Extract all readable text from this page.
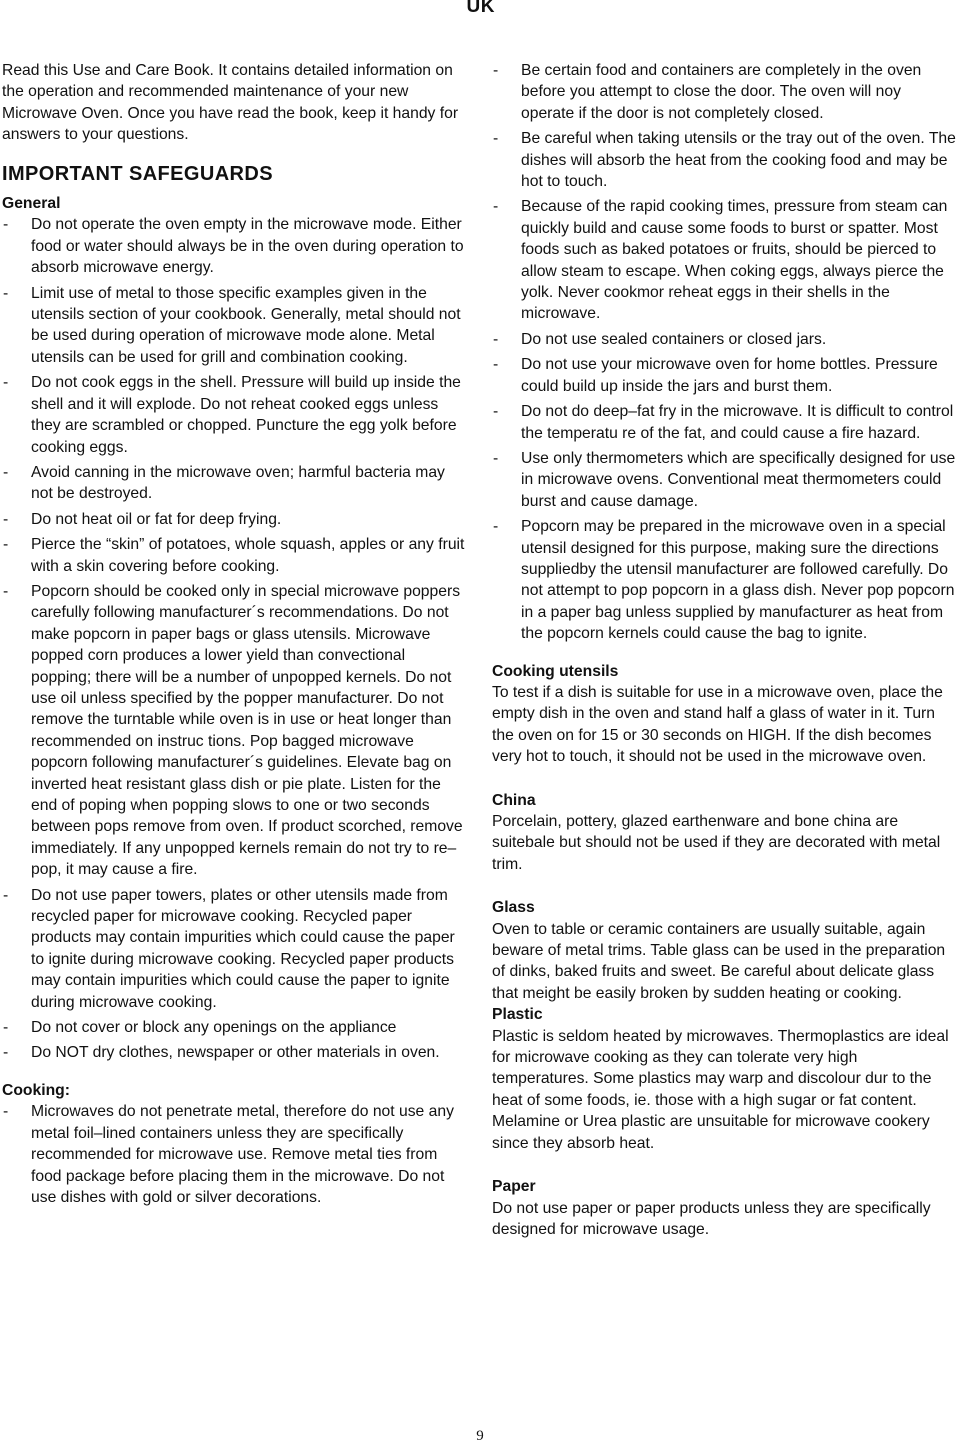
UK

Read this Use and Care Book. It contains detailed information on the operation and recommended maintenance of your new Microwave Oven. Once you have read the book, keep it handy for answers to your questions.

IMPORTANT SAFEGUARDS

General

- Do not operate the oven empty in the microwave mode. Either food or water should always be in the oven during operation to absorb microwave energy.
- Limit use of metal to those specific examples given in the utensils section of your cookbook. Generally, metal should not be used during operation of microwave mode alone. Metal utensils can be used for grill and combination cooking.
- Do not cook eggs in the shell. Pressure will build up inside the shell and it will explode. Do not reheat cooked eggs unless they are scrambled or chopped. Puncture the egg yolk before cooking eggs.
- Avoid canning in the microwave oven; harmful bacteria may not be destroyed.
- Do not heat oil or fat for deep frying.
- Pierce the “skin” of potatoes, whole squash, apples or any fruit with a skin covering before cooking.
- Popcorn should be cooked only in special microwave poppers carefully following manufacturer´s recommendations. Do not make popcorn in paper bags or glass utensils. Microwave popped corn produces a lower yield than convectional popping; there will be a number of unpopped kernels. Do not use oil unless specified by the popper manufacturer. Do not remove the turntable while oven is in use or heat longer than recommended on instruc tions. Pop bagged microwave popcorn following manufacturer´s guidelines. Elevate bag on inverted heat resistant glass dish or pie plate. Listen for the end of poping when popping slows to one or two seconds between pops remove from oven. If product scorched, remove immediately. If any unpopped kernels remain do not try to re–pop, it may cause a fire.
- Do not use paper towers, plates or other utensils made from recycled paper for microwave cooking. Recycled paper products may contain impurities which could cause the paper to ignite during microwave cooking. Recycled paper products may contain impurities which could cause the paper to ignite during microwave cooking.
- Do not cover or block any openings on the appliance
- Do NOT dry clothes, newspaper or other materials in oven.

Cooking:

- Microwaves do not penetrate metal, therefore do not use any metal foil–lined containers unless they are specifically recommended for microwave use. Remove metal ties from food package before placing them in the microwave. Do not use dishes with gold or silver decorations.
- Be certain food and containers are completely in the oven before you attempt to close the door. The oven will noy operate if the door is not completely closed.
- Be careful when taking utensils or the tray out of the oven. The dishes will absorb the heat from the cooking food and may be hot to touch.
- Because of the rapid cooking times, pressure from steam can quickly build and cause some foods to burst or spatter. Most foods such as baked potatoes or fruits, should be pierced to allow steam to escape. When coking eggs, always pierce the yolk. Never cookmor reheat eggs in their shells in the microwave.
- Do not use sealed containers or closed jars.
- Do not use your microwave oven for home bottles. Pressure could build up inside the jars and burst them.
- Do not do deep–fat fry in the microwave. It is difficult to control the temperatu re of the fat, and could cause a fire hazard.
- Use only thermometers which are specifically designed for use in microwave ovens. Conventional meat thermometers could burst and cause damage.
- Popcorn may be prepared in the microwave oven in a special utensil designed for this purpose, making sure the directions suppliedby the utensil manufacturer are followed carefully. Do not attempt to pop popcorn in a glass dish. Never pop popcorn in a paper bag unless supplied by manufacturer as heat from the popcorn kernels could cause the bag to ignite.

Cooking utensils

To test if a dish is suitable for use in a microwave oven, place the empty dish in the oven and stand half a glass of water in it. Turn the oven on for 15 or 30 seconds on HIGH. If the dish becomes very hot to touch, it should not be used in the microwave oven.

China

Porcelain, pottery, glazed earthenware and bone china are suitebale but should not be used if they are decorated with metal trim.

Glass

Oven to table or ceramic containers are usually suitable, again beware of metal trims. Table glass can be used in the preparation of dinks, baked fruits and sweet. Be careful about delicate glass that meight be easily broken by sudden heating or cooking.

Plastic

Plastic is seldom heated by microwaves. Thermoplastics are ideal for microwave cooking as they can tolerate very high temperatures. Some plastics may warp and discolour dur to the heat of some foods, ie. those with a high sugar or fat content. Melamine or Urea plastic are unsuitable for microwave cookery since they absorb heat.

Paper

Do not use paper or paper products unless they are specifically designed for microwave usage.

9
